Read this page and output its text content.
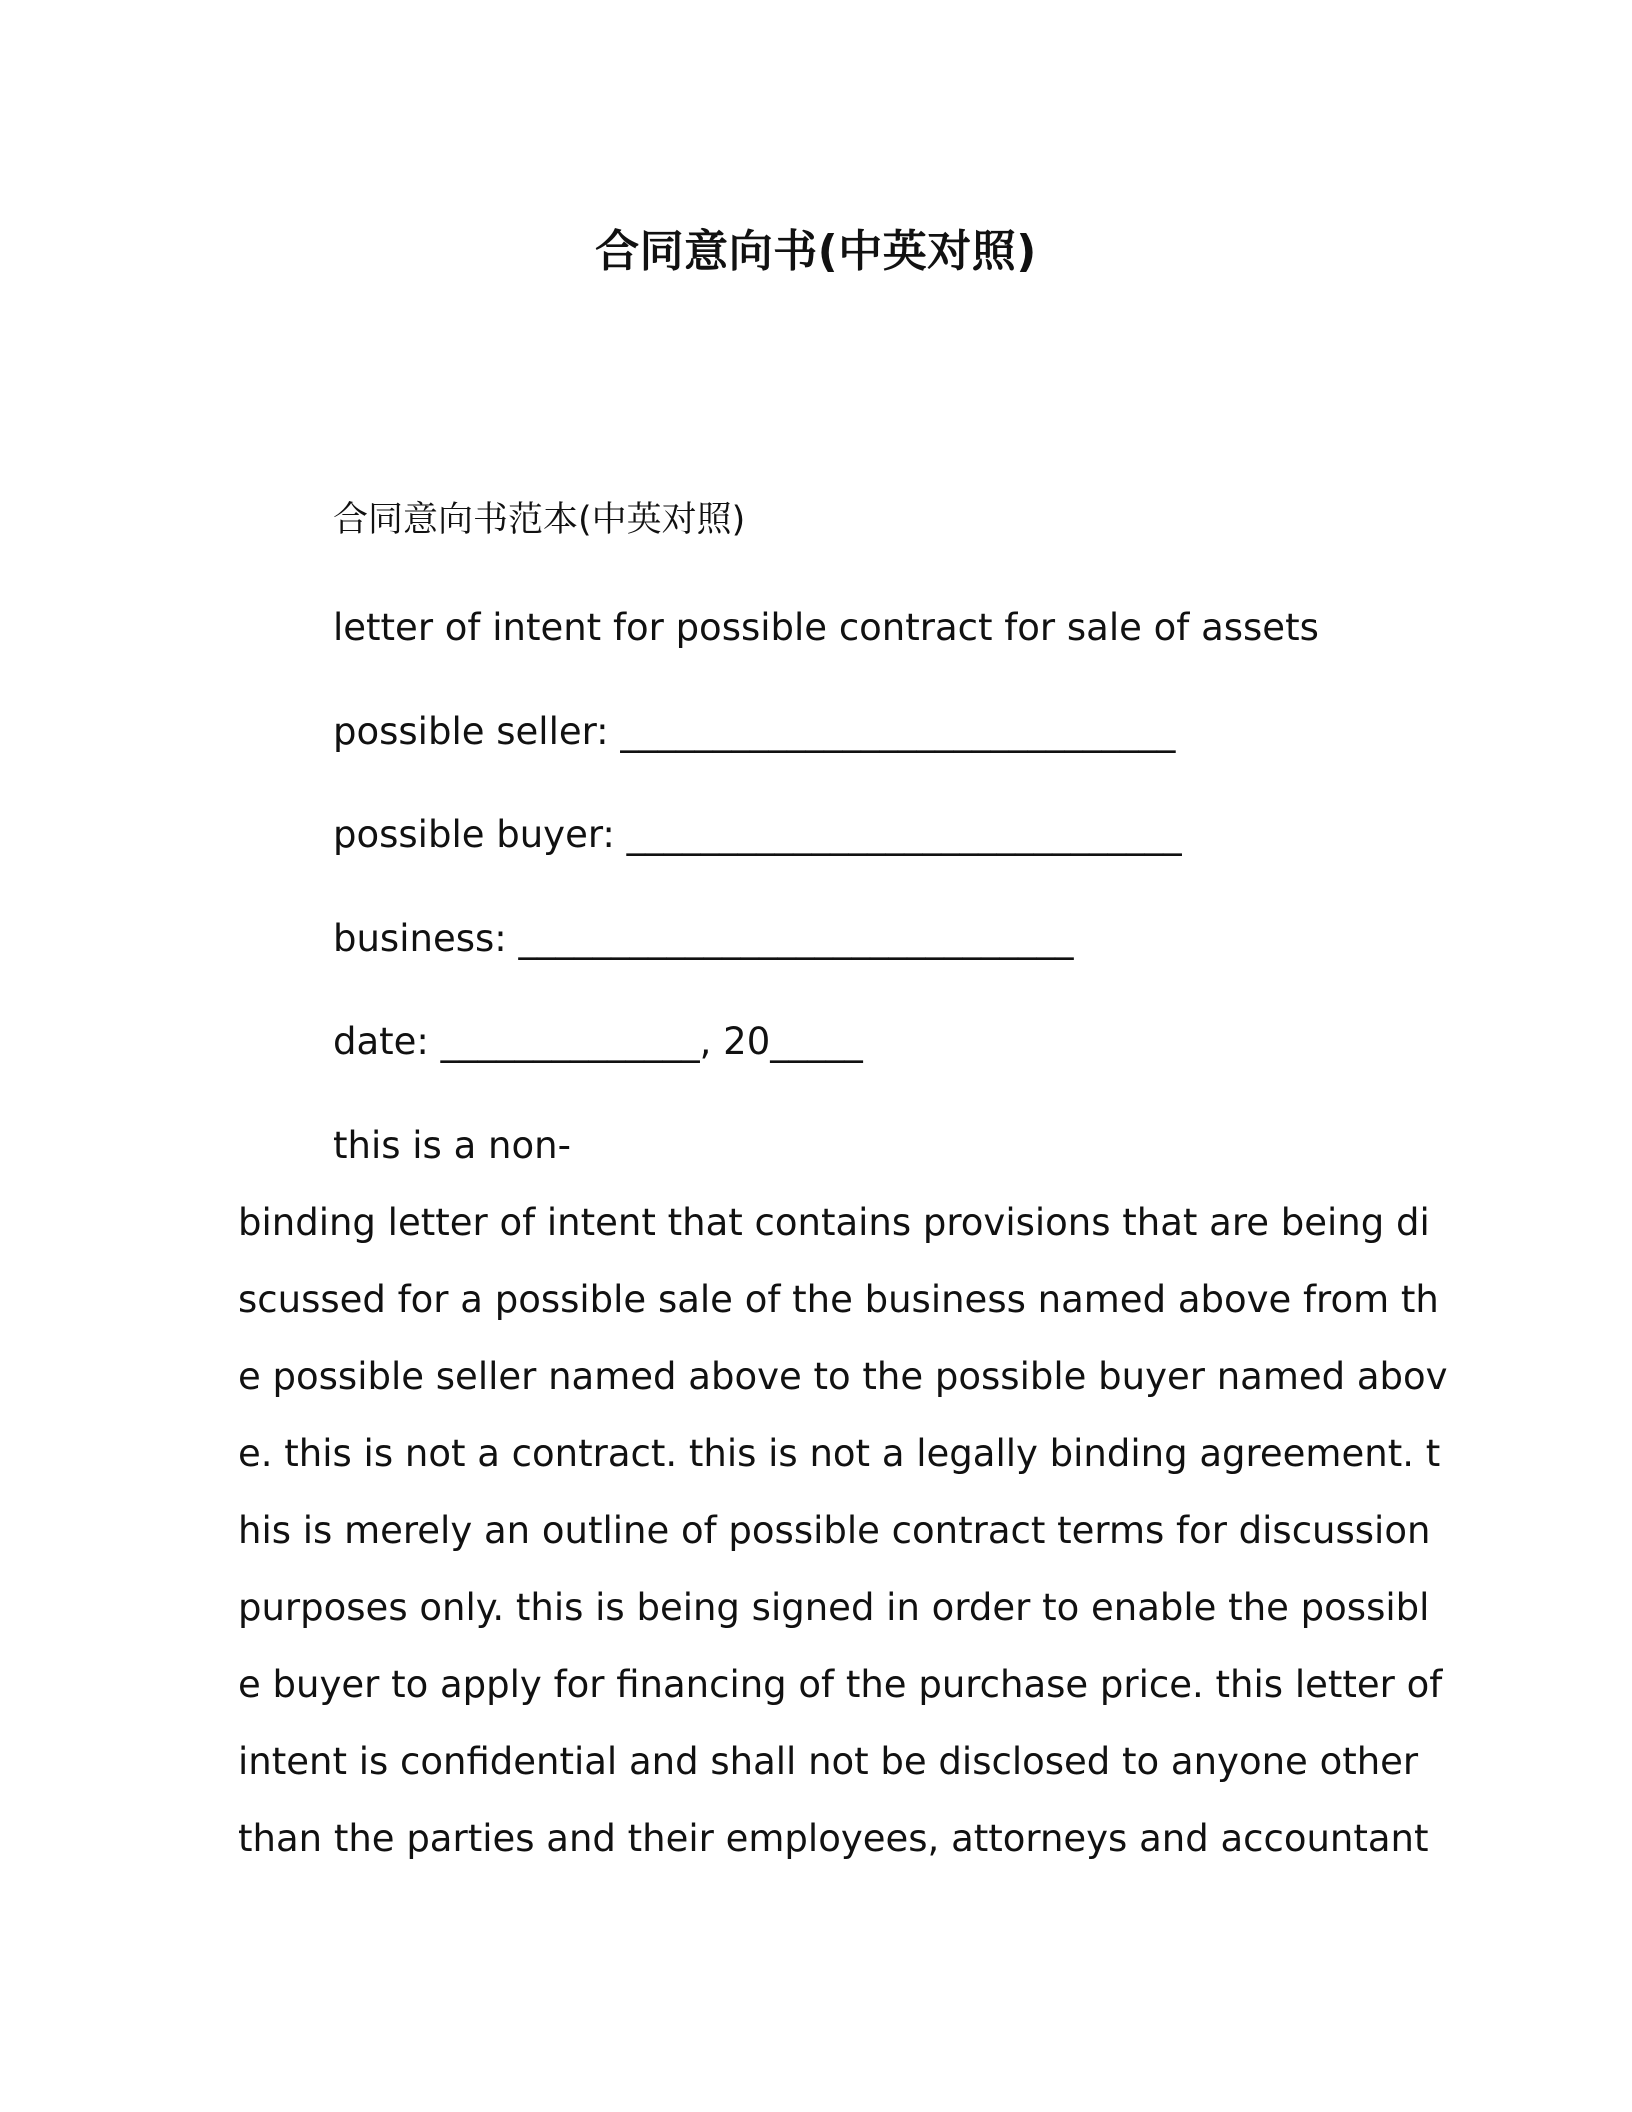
合同意向书(中英对照)
合同意向书范本(中英对照)
letter of intent for possible contract for sale of assets
possible seller: ______________________________
possible buyer: ______________________________
business: ______________________________
date: ______________, 20_____
this is a non-
binding letter of intent that contains provisions that are being di
scussed for a possible sale of the business named above from th
e possible seller named above to the possible buyer named abov
e. this is not a contract. this is not a legally binding agreement. t
his is merely an outline of possible contract terms for discussion
purposes only. this is being signed in order to enable the possibl
e buyer to apply for financing of the purchase price. this letter of
intent is confidential and shall not be disclosed to anyone other
than the parties and their employees, attorneys and accountant
